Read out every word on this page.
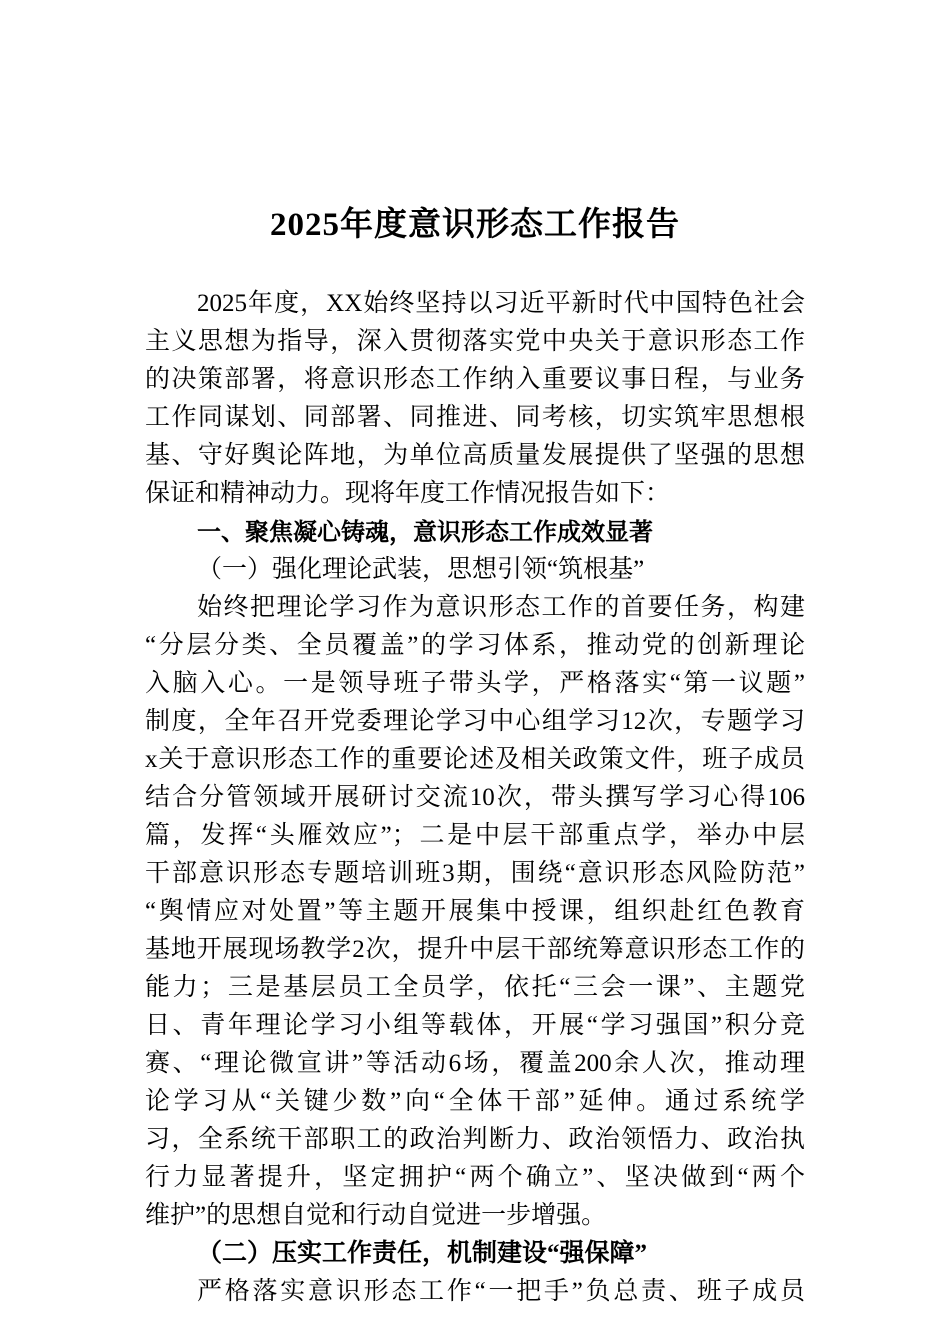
2025年度意识形态工作报告
2025年度，XX始终坚持以习近平新时代中国特色社会
主义思想为指导，深入贯彻落实党中央关于意识形态工作
的决策部署，将意识形态工作纳入重要议事日程，与业务
工作同谋划、同部署、同推进、同考核，切实筑牢思想根
基、守好舆论阵地，为单位高质量发展提供了坚强的思想
保证和精神动力。现将年度工作情况报告如下：
一、聚焦凝心铸魂，意识形态工作成效显著
（一）强化理论武装，思想引领“筑根基”
始终把理论学习作为意识形态工作的首要任务，构建
“分层分类、全员覆盖”的学习体系，推动党的创新理论
入脑入心。一是领导班子带头学，严格落实“第一议题”
制度，全年召开党委理论学习中心组学习12次，专题学习
x关于意识形态工作的重要论述及相关政策文件，班子成员
结合分管领域开展研讨交流10次，带头撰写学习心得106
篇，发挥“头雁效应”；二是中层干部重点学，举办中层
干部意识形态专题培训班3期，围绕“意识形态风险防范”
“舆情应对处置”等主题开展集中授课，组织赴红色教育
基地开展现场教学2次，提升中层干部统筹意识形态工作的
能力；三是基层员工全员学，依托“三会一课”、主题党
日、青年理论学习小组等载体，开展“学习强国”积分竞
赛、“理论微宣讲”等活动6场，覆盖200余人次，推动理
论学习从“关键少数”向“全体干部”延伸。通过系统学
习，全系统干部职工的政治判断力、政治领悟力、政治执
行力显著提升，坚定拥护“两个确立”、坚决做到“两个
维护”的思想自觉和行动自觉进一步增强。
（二）压实工作责任，机制建设“强保障”
严格落实意识形态工作“一把手”负总责、班子成员
